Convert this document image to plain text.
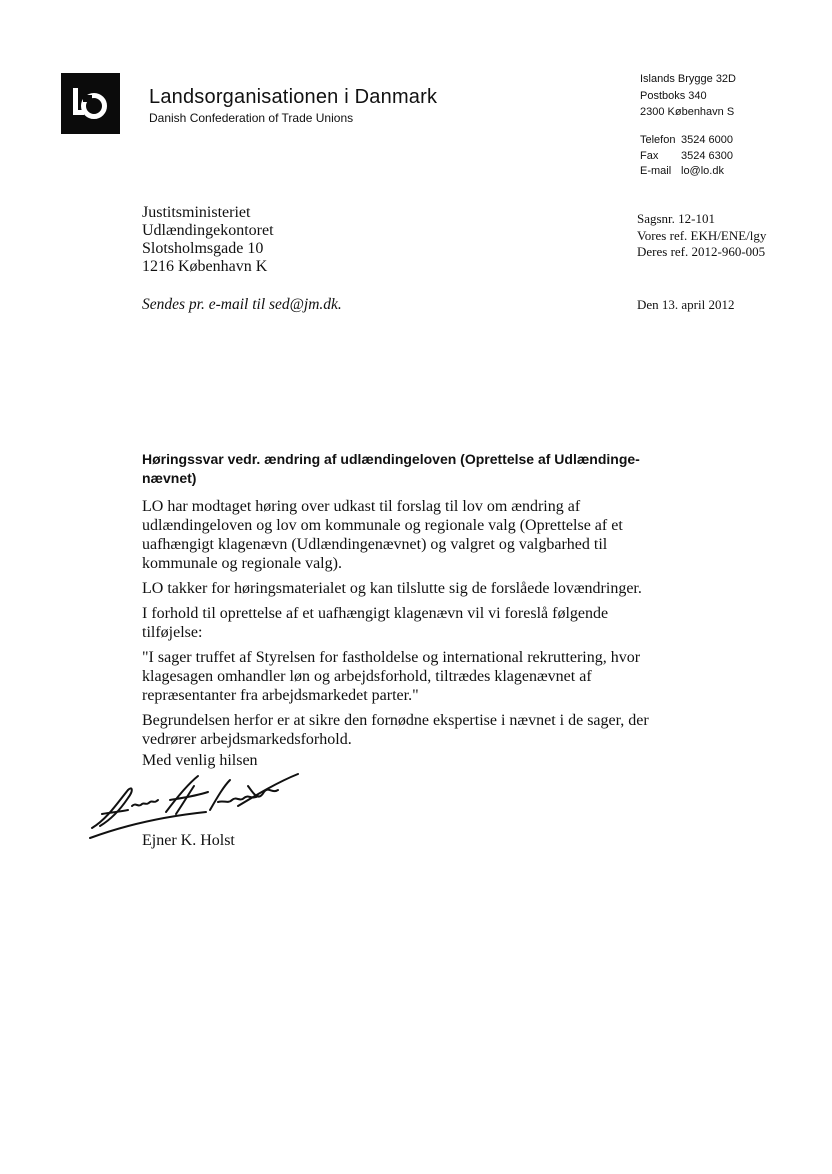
Landsorganisationen i Danmark
Danish Confederation of Trade Unions
Islands Brygge 32D
Postboks 340
2300 København S
Telefon 3524 6000
Fax 3524 6300
E-mail lo@lo.dk
Justitsministeriet
Udlændingekontoret
Slotsholmsgade 10
1216 København K
Sendes pr. e-mail til sed@jm.dk.
Sagsnr. 12-101
Vores ref. EKH/ENE/lgy
Deres ref. 2012-960-005
Den 13. april 2012
Høringssvar vedr. ændring af udlændingeloven (Oprettelse af Udlændinge-nævnet)

LO har modtaget høring over udkast til forslag til lov om ændring af udlændingeloven og lov om kommunale og regionale valg (Oprettelse af et uafhængigt klagenævn (Udlændingenævnet) og valgret og valgbarhed til kommunale og regionale valg).

LO takker for høringsmaterialet og kan tilslutte sig de forslåede lovændringer.

I forhold til oprettelse af et uafhængigt klagenævn vil vi foreslå følgende tilføjelse:

"I sager truffet af Styrelsen for fastholdelse og international rekruttering, hvor klagesagen omhandler løn og arbejdsforhold, tiltrædes klagenævnet af repræsentanter fra arbejdsmarkedet parter."

Begrundelsen herfor er at sikre den fornødne ekspertise i nævnet i de sager, der vedrører arbejdsmarkedsforhold.

Med venlig hilsen
Ejner K. Holst
